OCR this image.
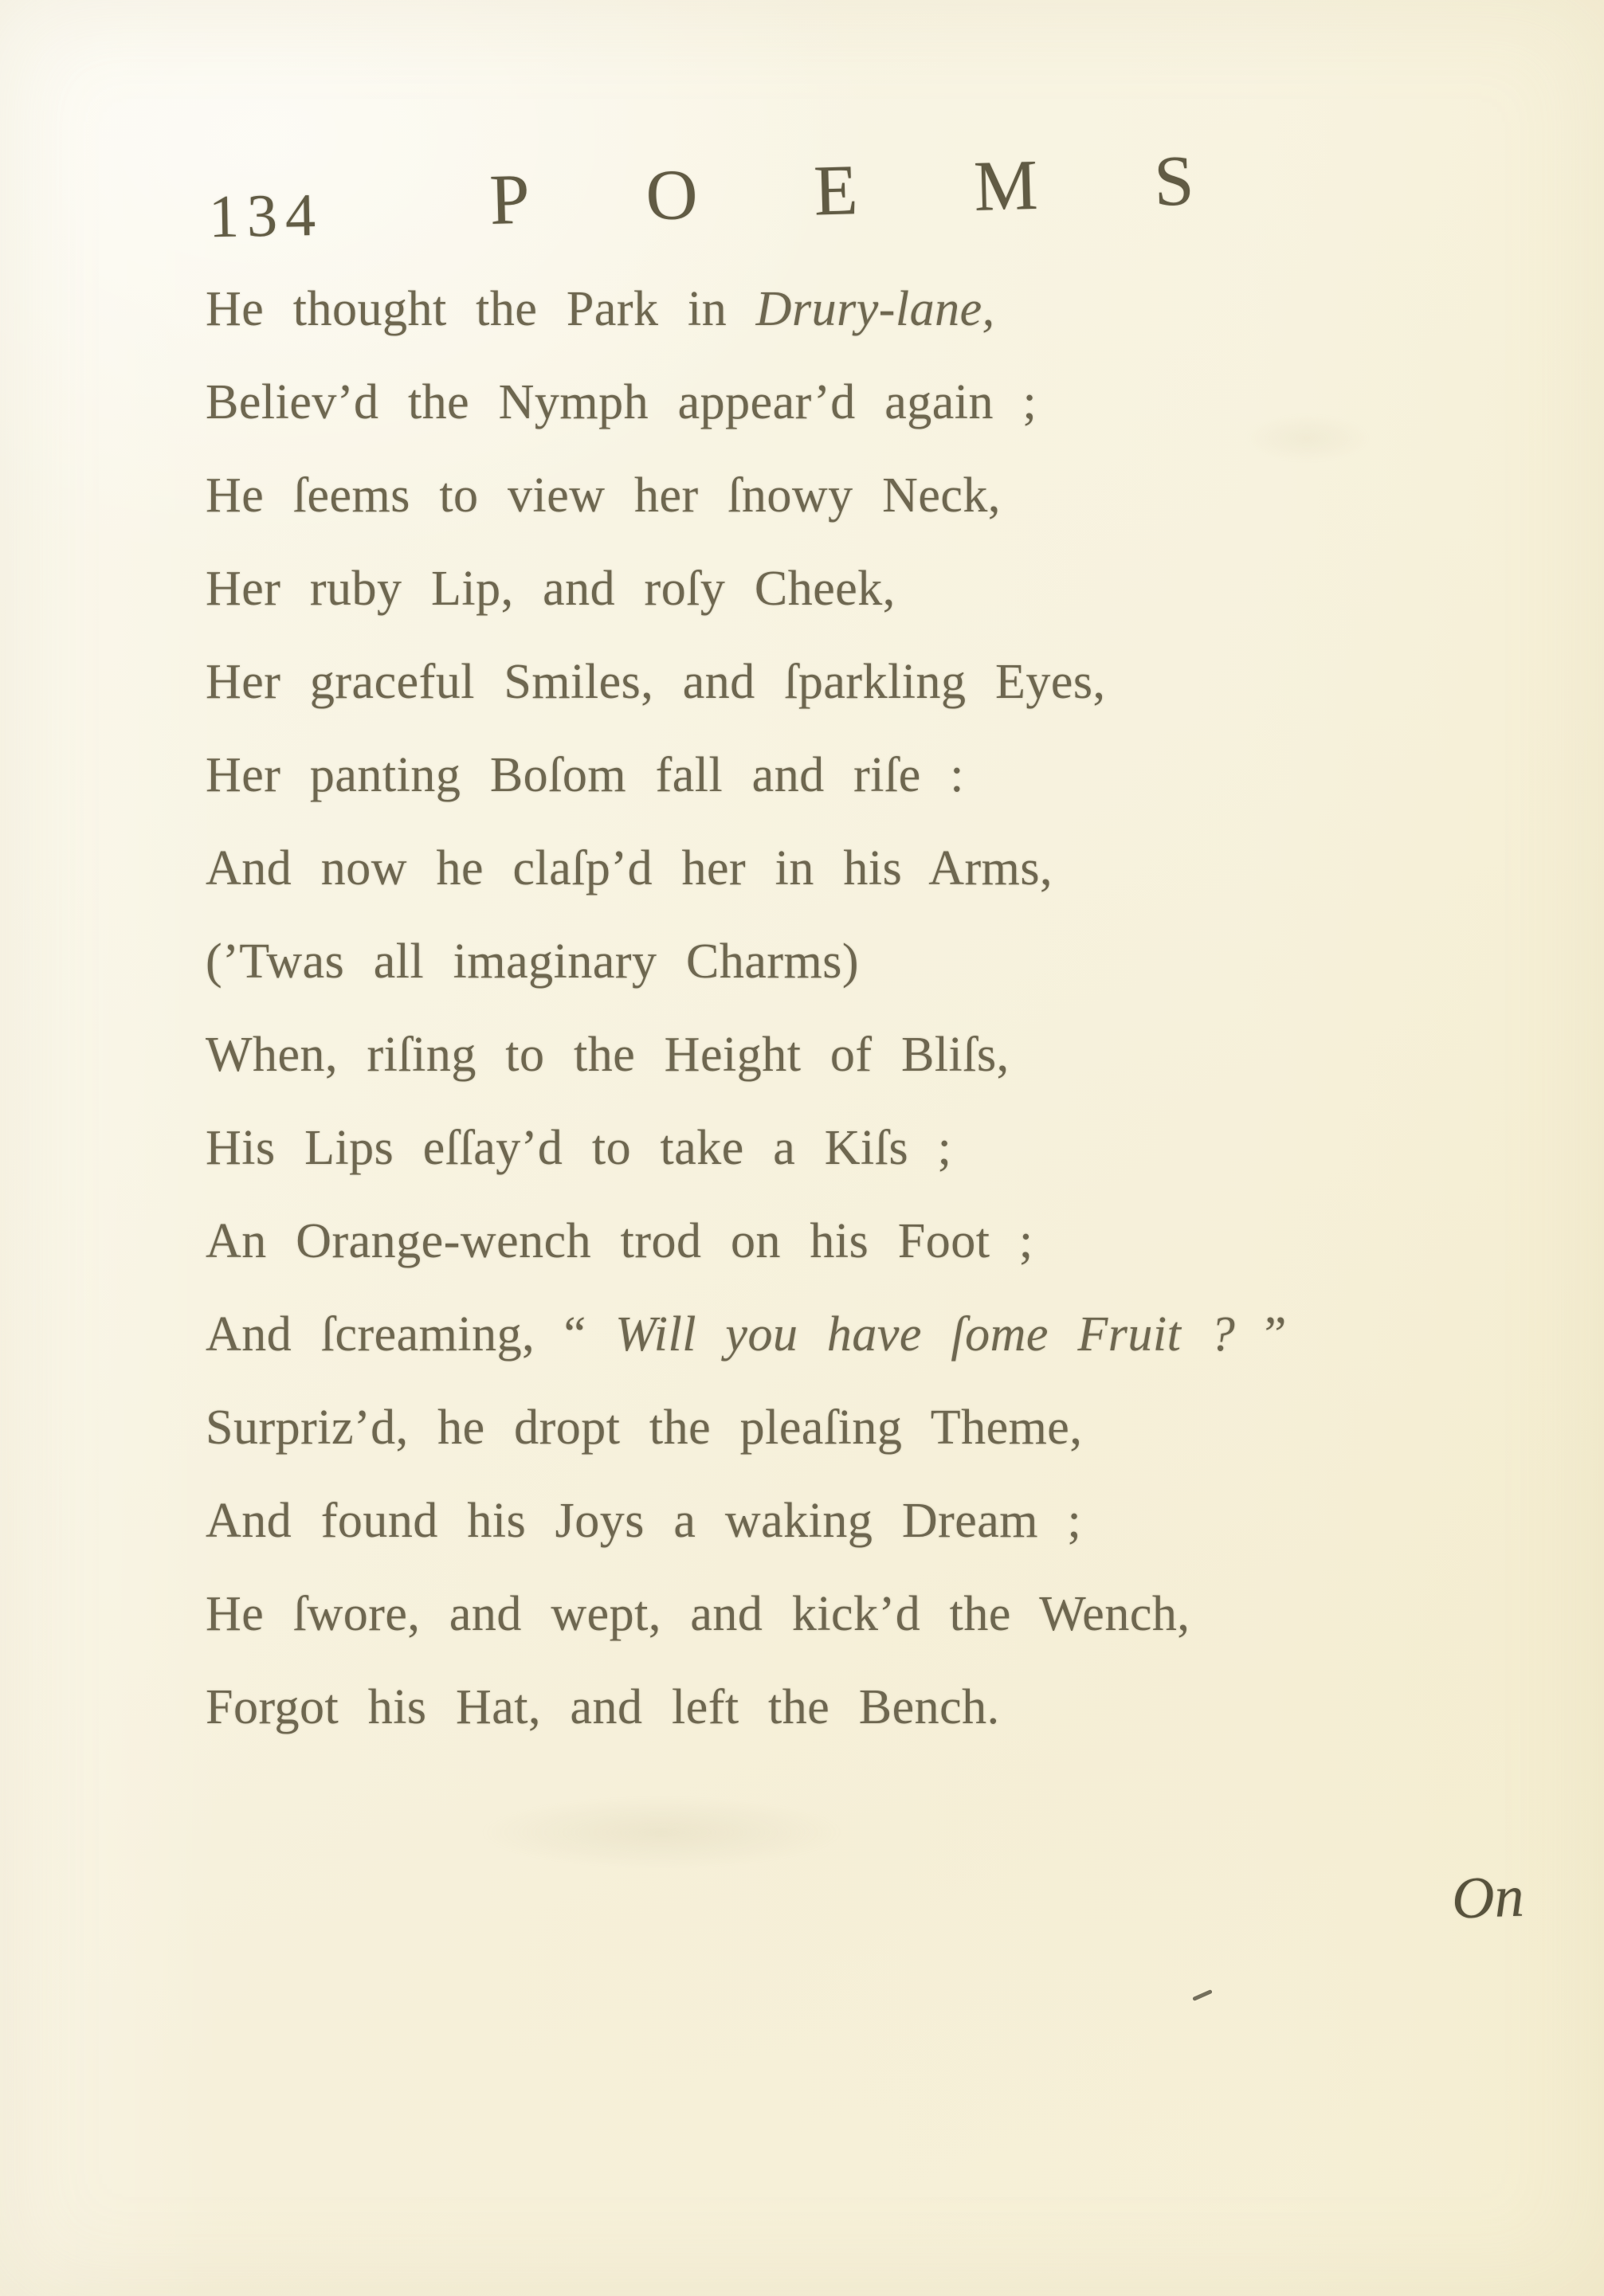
134 POEMS
He thought the Park in Drury-lane,
Believ’d the Nymph appear’d again ;
He ſeems to view her ſnowy Neck,
Her ruby Lip, and roſy Cheek,
Her graceful Smiles, and ſparkling Eyes,
Her panting Boſom fall and riſe :
And now he claſp’d her in his Arms,
(’Twas all imaginary Charms)
When, riſing to the Height of Bliſs,
His Lips eſſay’d to take a Kiſs ;
An Orange-wench trod on his Foot ;
And ſcreaming, “ Will you have ſome Fruit ? ”
Surpriz’d, he dropt the pleaſing Theme,
And found his Joys a waking Dream ;
He ſwore, and wept, and kick’d the Wench,
Forgot his Hat, and left the Bench.
On
